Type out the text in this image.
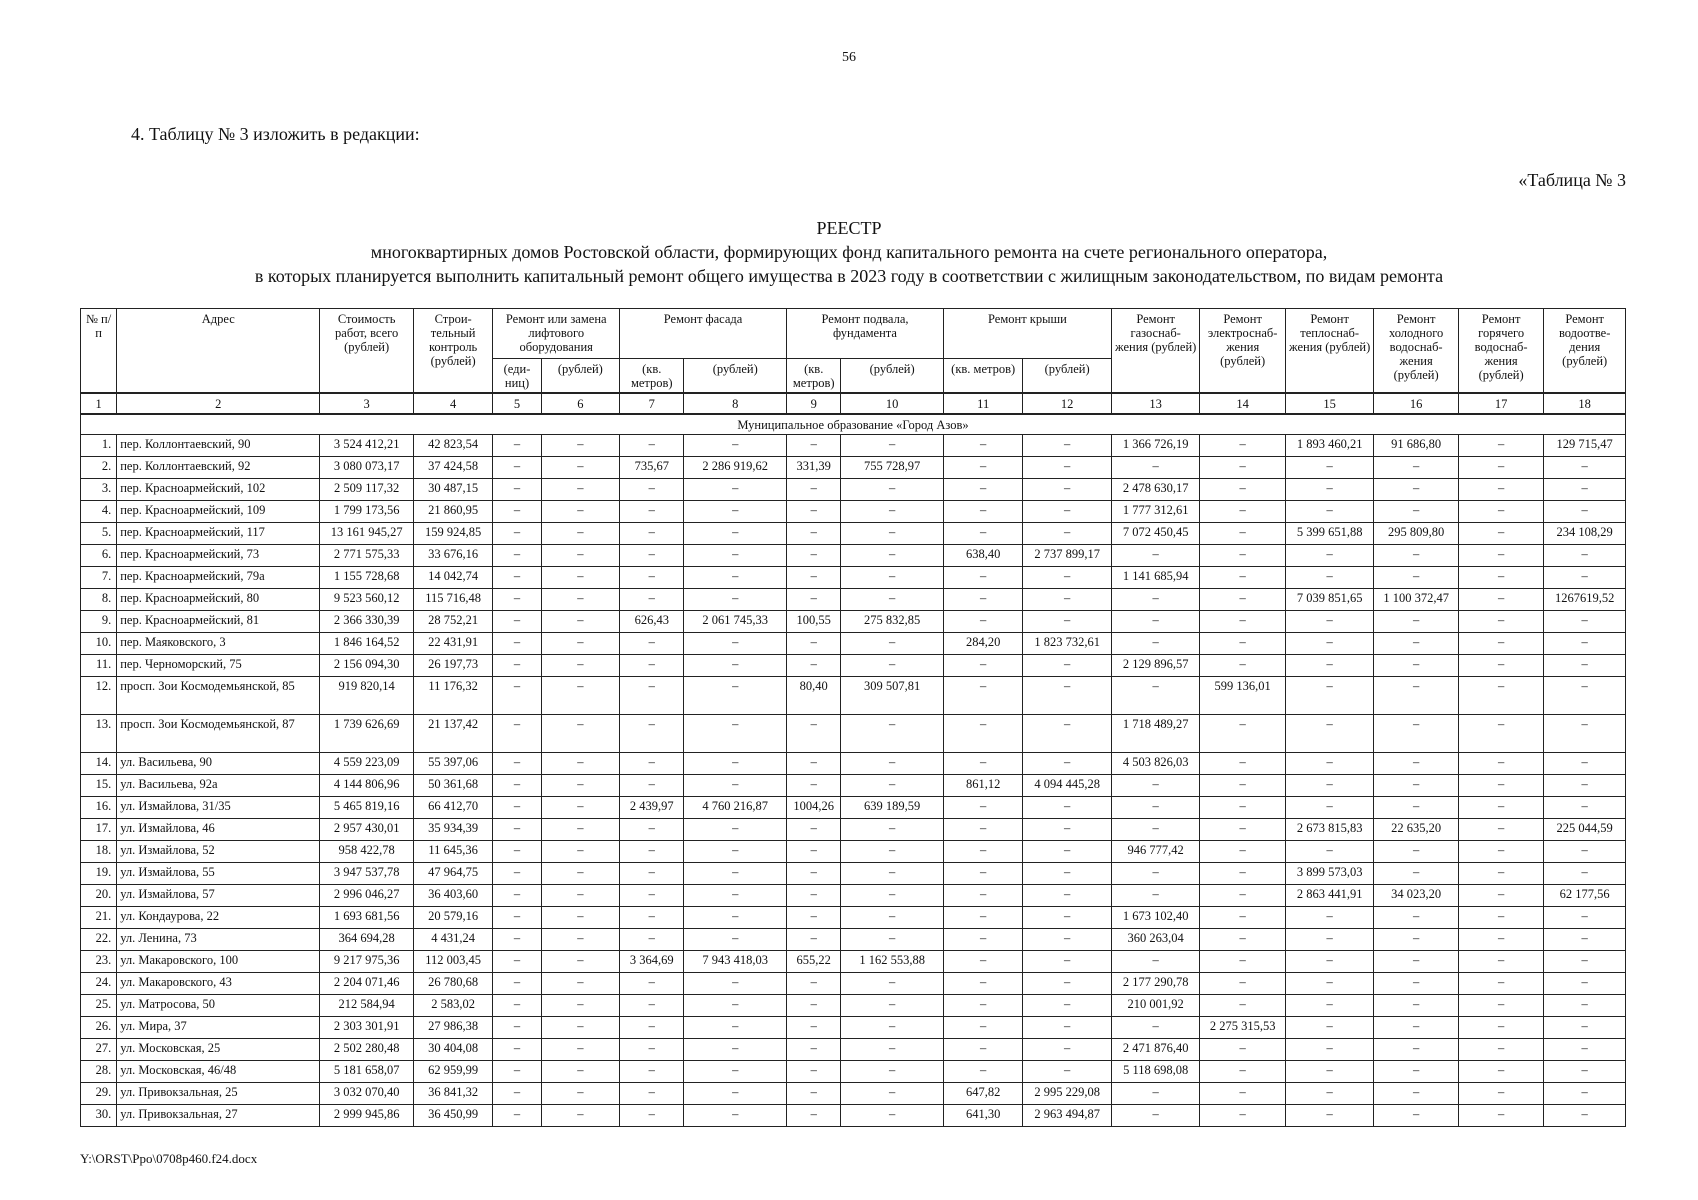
56
4. Таблицу № 3 изложить в редакции:
«Таблица № 3
РЕЕСТР
многоквартирных домов Ростовской области, формирующих фонд капитального ремонта на счете регионального оператора,
в которых планируется выполнить капитальный ремонт общего имущества в 2023 году в соответствии с жилищным законодательством, по видам ремонта
№ п/п	Адрес	Стоимость работ, всего (рублей)	Строи-тельный контроль (рублей)	Ремонт или замена лифтового оборудования		Ремонт фасада		Ремонт подвала, фундамента		Ремонт крыши		Ремонт газоснаб-жения (рублей)	Ремонт электроснаб-жения (рублей)	Ремонт теплоснаб-жения (рублей)	Ремонт холодного водоснаб-жения (рублей)	Ремонт горячего водоснаб-жения (рублей)	Ремонт водоотве-дения (рублей)
				(еди-ниц)	(рублей)	(кв. метров)	(рублей)	(кв. метров)	(рублей)	(кв. метров)	(рублей)						
1	2	3	4	5	6	7	8	9	10	11	12	13	14	15	16	17	18
Муниципальное образование «Город Азов»																	
1.	пер. Коллонтаевский, 90	3 524 412,21	42 823,54	–	–	–	–	–	–	–	–	1 366 726,19	–	1 893 460,21	91 686,80	–	129 715,47
2.	пер. Коллонтаевский, 92	3 080 073,17	37 424,58	–	–	735,67	2 286 919,62	331,39	755 728,97	–	–	–	–	–	–	–	–
3.	пер. Красноармейский, 102	2 509 117,32	30 487,15	–	–	–	–	–	–	–	–	2 478 630,17	–	–	–	–	–
4.	пер. Красноармейский, 109	1 799 173,56	21 860,95	–	–	–	–	–	–	–	–	1 777 312,61	–	–	–	–	–
5.	пер. Красноармейский, 117	13 161 945,27	159 924,85	–	–	–	–	–	–	–	–	7 072 450,45	–	5 399 651,88	295 809,80	–	234 108,29
6.	пер. Красноармейский, 73	2 771 575,33	33 676,16	–	–	–	–	–	–	638,40	2 737 899,17	–	–	–	–	–	–
7.	пер. Красноармейский, 79а	1 155 728,68	14 042,74	–	–	–	–	–	–	–	–	1 141 685,94	–	–	–	–	–
8.	пер. Красноармейский, 80	9 523 560,12	115 716,48	–	–	–	–	–	–	–	–	–	–	7 039 851,65	1 100 372,47	–	1267619,52
9.	пер. Красноармейский, 81	2 366 330,39	28 752,21	–	–	626,43	2 061 745,33	100,55	275 832,85	–	–	–	–	–	–	–	–
10.	пер. Маяковского, 3	1 846 164,52	22 431,91	–	–	–	–	–	–	284,20	1 823 732,61	–	–	–	–	–	–
11.	пер. Черноморский, 75	2 156 094,30	26 197,73	–	–	–	–	–	–	–	–	2 129 896,57	–	–	–	–	–
12.	просп. Зои Космодемьянской, 85	919 820,14	11 176,32	–	–	–	–	80,40	309 507,81	–	–	–	599 136,01	–	–	–	–
13.	просп. Зои Космодемьянской, 87	1 739 626,69	21 137,42	–	–	–	–	–	–	–	–	1 718 489,27	–	–	–	–	–
14.	ул. Васильева, 90	4 559 223,09	55 397,06	–	–	–	–	–	–	–	–	4 503 826,03	–	–	–	–	–
15.	ул. Васильева, 92а	4 144 806,96	50 361,68	–	–	–	–	–	–	861,12	4 094 445,28	–	–	–	–	–	–
16.	ул. Измайлова, 31/35	5 465 819,16	66 412,70	–	–	2 439,97	4 760 216,87	1004,26	639 189,59	–	–	–	–	–	–	–	–
17.	ул. Измайлова, 46	2 957 430,01	35 934,39	–	–	–	–	–	–	–	–	–	–	2 673 815,83	22 635,20	–	225 044,59
18.	ул. Измайлова, 52	958 422,78	11 645,36	–	–	–	–	–	–	–	–	946 777,42	–	–	–	–	–
19.	ул. Измайлова, 55	3 947 537,78	47 964,75	–	–	–	–	–	–	–	–	–	–	3 899 573,03	–	–	–
20.	ул. Измайлова, 57	2 996 046,27	36 403,60	–	–	–	–	–	–	–	–	–	–	2 863 441,91	34 023,20	–	62 177,56
21.	ул. Кондаурова, 22	1 693 681,56	20 579,16	–	–	–	–	–	–	–	–	1 673 102,40	–	–	–	–	–
22.	ул. Ленина, 73	364 694,28	4 431,24	–	–	–	–	–	–	–	–	360 263,04	–	–	–	–	–
23.	ул. Макаровского, 100	9 217 975,36	112 003,45	–	–	3 364,69	7 943 418,03	655,22	1 162 553,88	–	–	–	–	–	–	–	–
24.	ул. Макаровского, 43	2 204 071,46	26 780,68	–	–	–	–	–	–	–	–	2 177 290,78	–	–	–	–	–
25.	ул. Матросова, 50	212 584,94	2 583,02	–	–	–	–	–	–	–	–	210 001,92	–	–	–	–	–
26.	ул. Мира, 37	2 303 301,91	27 986,38	–	–	–	–	–	–	–	–	–	2 275 315,53	–	–	–	–
27.	ул. Московская, 25	2 502 280,48	30 404,08	–	–	–	–	–	–	–	–	2 471 876,40	–	–	–	–	–
28.	ул. Московская, 46/48	5 181 658,07	62 959,99	–	–	–	–	–	–	–	–	5 118 698,08	–	–	–	–	–
29.	ул. Привокзальная, 25	3 032 070,40	36 841,32	–	–	–	–	–	–	647,82	2 995 229,08	–	–	–	–	–	–
30.	ул. Привокзальная, 27	2 999 945,86	36 450,99	–	–	–	–	–	–	641,30	2 963 494,87	–	–	–	–	–	–
Y:\ORST\Ppo\0708p460.f24.docx
